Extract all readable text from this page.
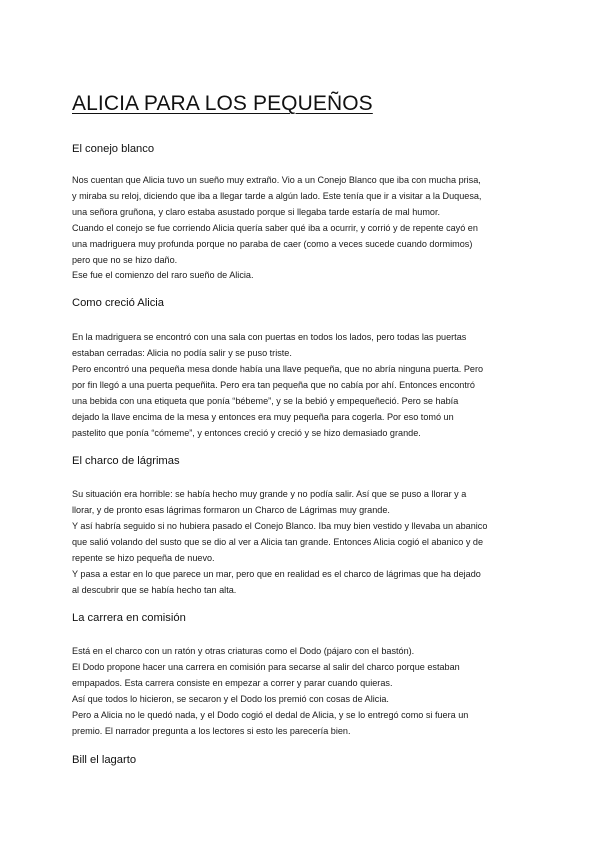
ALICIA PARA LOS PEQUEÑOS
El conejo blanco

Nos cuentan que Alicia tuvo un sueño muy extraño. Vio a un Conejo Blanco que iba con mucha prisa,

y miraba su reloj, diciendo que iba a llegar tarde a algún lado. Este tenía que ir a visitar a la Duquesa,

una señora gruñona, y claro estaba asustado porque si llegaba tarde estaría de mal humor.

Cuando el conejo se fue corriendo Alicia quería saber qué iba a ocurrir, y corrió y de repente cayó en

una madriguera muy profunda porque no paraba de caer (como a veces sucede cuando dormimos)

pero que no se hizo daño.

Ese fue el comienzo del raro sueño de Alicia.

Como creció Alicia

En la madriguera se encontró con una sala con puertas en todos los lados, pero todas las puertas

estaban cerradas: Alicia no podía salir y se puso triste.

Pero encontró una pequeña mesa donde había una llave pequeña, que no abría ninguna puerta. Pero

por fin llegó a una puerta pequeñita. Pero era tan pequeña que no cabía por ahí. Entonces encontró

una bebida con una etiqueta que ponía “bébeme”, y se la bebió y empequeñeció. Pero se había

dejado la llave encima de la mesa y entonces era muy pequeña para cogerla. Por eso tomó un

pastelito que ponía “cómeme”, y entonces creció y creció y se hizo demasiado grande.

El charco de lágrimas

Su situación era horrible: se había hecho muy grande y no podía salir. Así que se puso a llorar y a

llorar, y de pronto esas lágrimas formaron un Charco de Lágrimas muy grande.

Y así habría seguido si no hubiera pasado el Conejo Blanco. Iba muy bien vestido y llevaba un abanico

que salió volando del susto que se dio al ver a Alicia tan grande. Entonces Alicia cogió el abanico y de

repente se hizo pequeña de nuevo.

Y pasa a estar en lo que parece un mar, pero que en realidad es el charco de lágrimas que ha dejado

al descubrir que se había hecho tan alta.

La carrera en comisión

Está en el charco con un ratón y otras criaturas como el Dodo (pájaro con el bastón).

El Dodo propone hacer una carrera en comisión para secarse al salir del charco porque estaban

empapados. Esta carrera consiste en empezar a correr y parar cuando quieras.

Así que todos lo hicieron, se secaron y el Dodo los premió con cosas de Alicia.

Pero a Alicia no le quedó nada, y el Dodo cogió el dedal de Alicia, y se lo entregó como si fuera un

premio. El narrador pregunta a los lectores si esto les parecería bien.

Bill el lagarto
